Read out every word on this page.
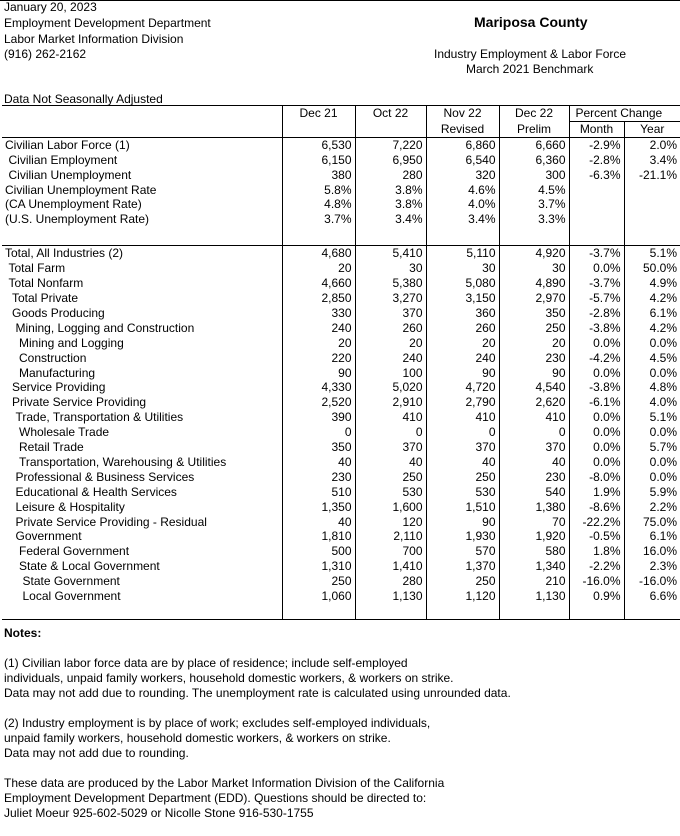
January 20, 2023
Employment Development Department
Labor Market Information Division
(916) 262-2162
Mariposa County
Industry Employment & Labor Force
March 2021 Benchmark
Data Not Seasonally Adjusted
	Dec 21	Oct 22	Nov 22	Dec 22	Percent Change	
			Revised	Prelim	Month	Year
Civilian Labor Force (1)	6,530	7,220	6,860	6,660	-2.9%	2.0%
Civilian Employment	6,150	6,950	6,540	6,360	-2.8%	3.4%
Civilian Unemployment	380	280	320	300	-6.3%	-21.1%
Civilian Unemployment Rate	5.8%	3.8%	4.6%	4.5%		
(CA Unemployment Rate)	4.8%	3.8%	4.0%	3.7%		
(U.S. Unemployment Rate)	3.7%	3.4%	3.4%	3.3%		

Total, All Industries (2)	4,680	5,410	5,110	4,920	-3.7%	5.1%
Total Farm	20	30	30	30	0.0%	50.0%
Total Nonfarm	4,660	5,380	5,080	4,890	-3.7%	4.9%
Total Private	2,850	3,270	3,150	2,970	-5.7%	4.2%
Goods Producing	330	370	360	350	-2.8%	6.1%
Mining, Logging and Construction	240	260	260	250	-3.8%	4.2%
Mining and Logging	20	20	20	20	0.0%	0.0%
Construction	220	240	240	230	-4.2%	4.5%
Manufacturing	90	100	90	90	0.0%	0.0%
Service Providing	4,330	5,020	4,720	4,540	-3.8%	4.8%
Private Service Providing	2,520	2,910	2,790	2,620	-6.1%	4.0%
Trade, Transportation & Utilities	390	410	410	410	0.0%	5.1%
Wholesale Trade	0	0	0	0	0.0%	0.0%
Retail Trade	350	370	370	370	0.0%	5.7%
Transportation, Warehousing & Utilities	40	40	40	40	0.0%	0.0%
Professional & Business Services	230	250	250	230	-8.0%	0.0%
Educational & Health Services	510	530	530	540	1.9%	5.9%
Leisure & Hospitality	1,350	1,600	1,510	1,380	-8.6%	2.2%
Private Service Providing - Residual	40	120	90	70	-22.2%	75.0%
Government	1,810	2,110	1,930	1,920	-0.5%	6.1%
Federal Government	500	700	570	580	1.8%	16.0%
State & Local Government	1,310	1,410	1,370	1,340	-2.2%	2.3%
State Government	250	280	250	210	-16.0%	-16.0%
Local Government	1,060	1,130	1,120	1,130	0.9%	6.6%

Notes:

(1) Civilian labor force data are by place of residence; include self-employed
individuals, unpaid family workers, household domestic workers, & workers on strike.
Data may not add due to rounding. The unemployment rate is calculated using unrounded data.

(2) Industry employment is by place of work; excludes self-employed individuals,
unpaid family workers, household domestic workers, & workers on strike.
Data may not add due to rounding.

These data are produced by the Labor Market Information Division of the California
Employment Development Department (EDD). Questions should be directed to:
Juliet Moeur 925-602-5029 or Nicolle Stone 916-530-1755
